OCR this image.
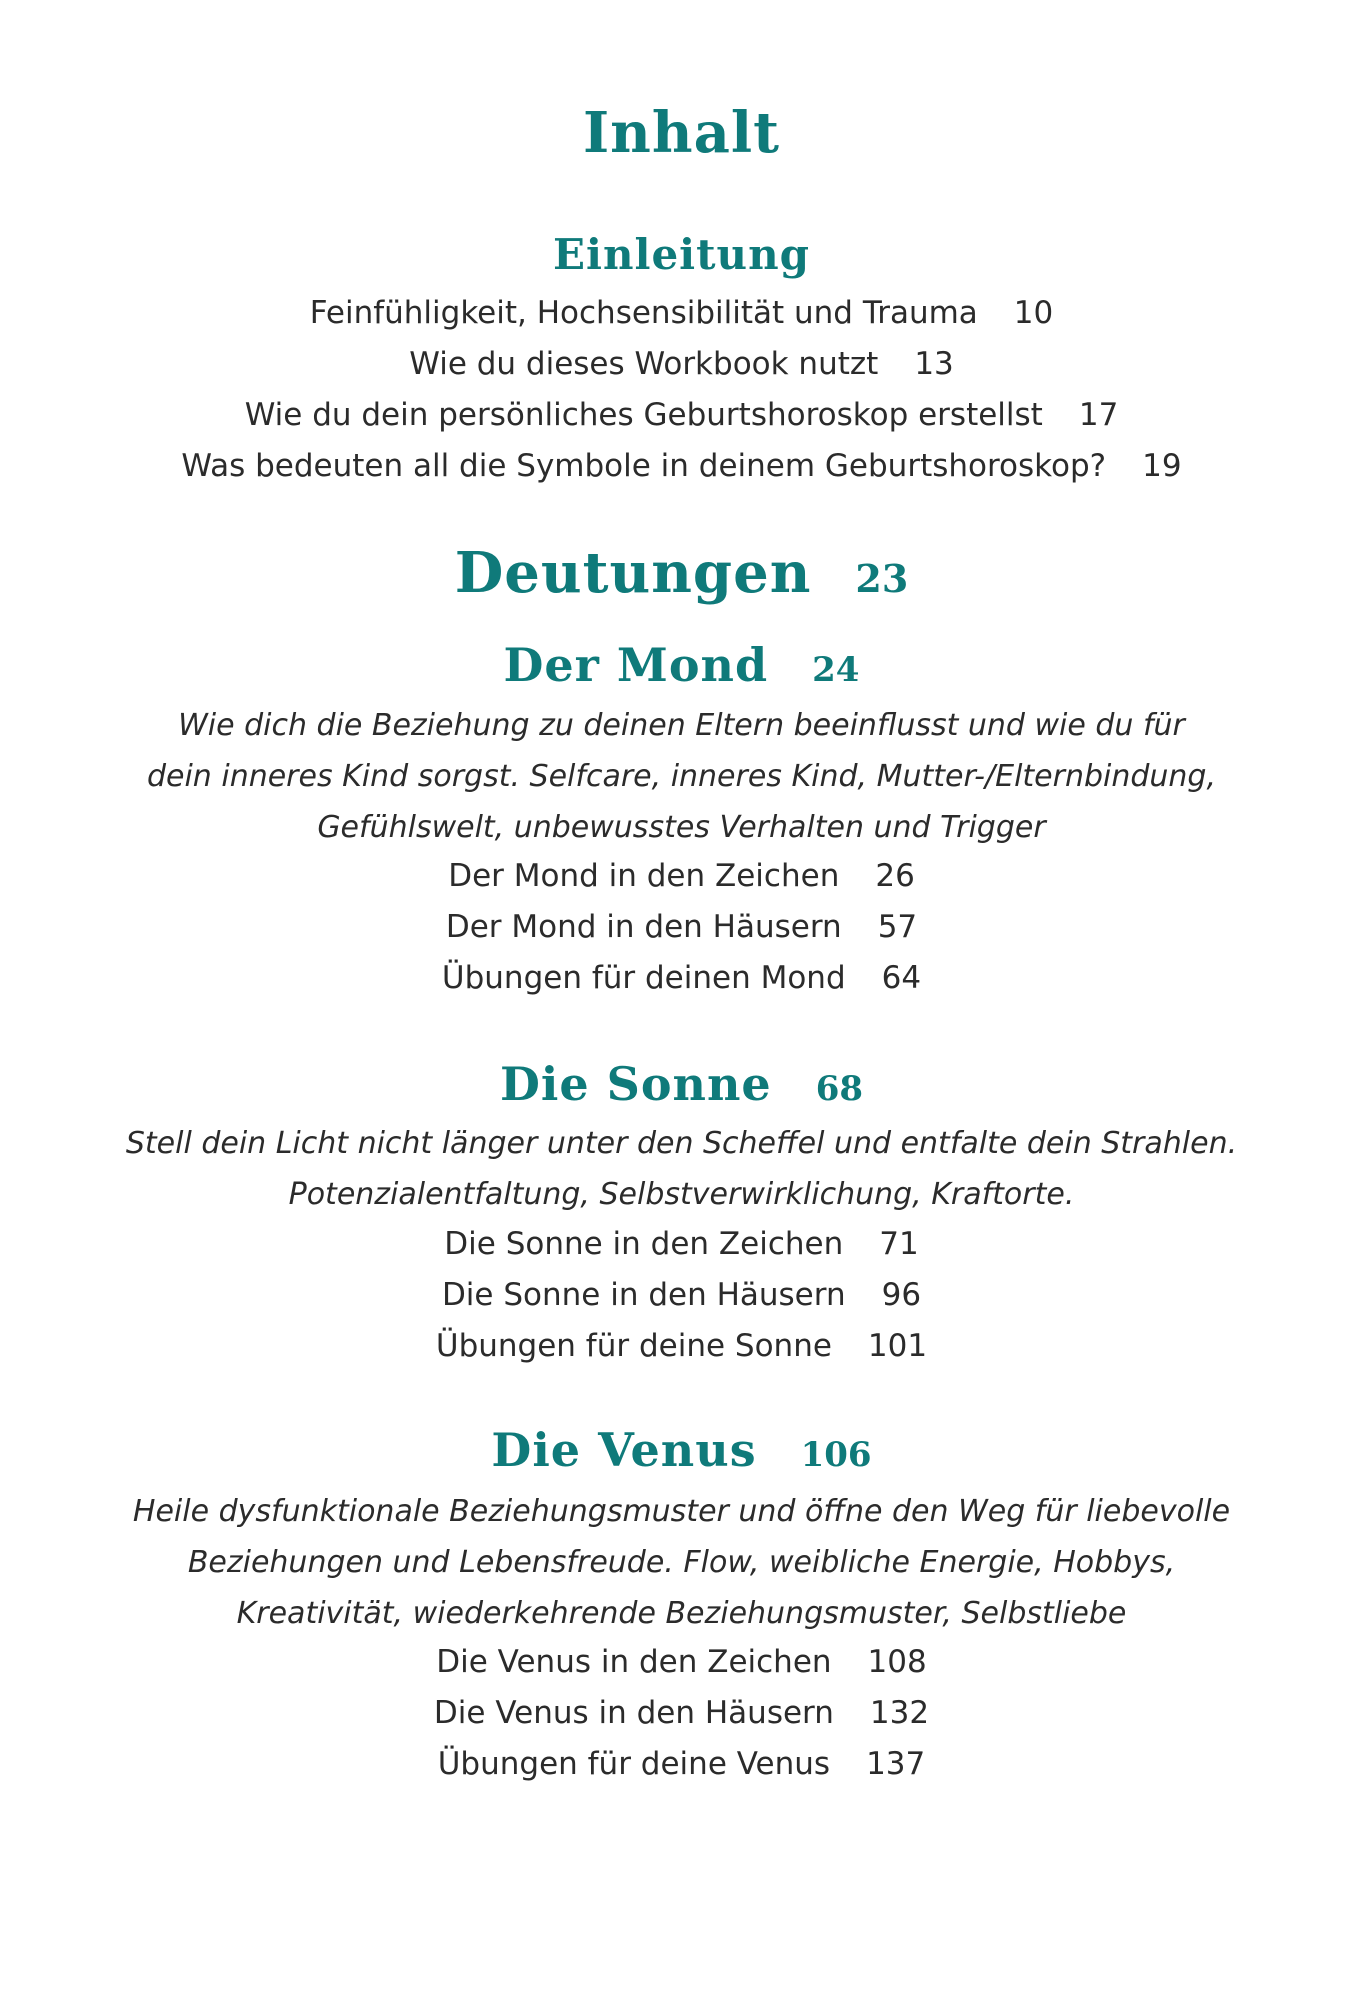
Inhalt
Einleitung
Feinfühligkeit, Hochsensibilität und Trauma 10
Wie du dieses Workbook nutzt 13
Wie du dein persönliches Geburtshoroskop erstellst 17
Was bedeuten all die Symbole in deinem Geburtshoroskop? 19
Deutungen 23
Der Mond 24
Wie dich die Beziehung zu deinen Eltern beeinflusst und wie du für
dein inneres Kind sorgst. Selfcare, inneres Kind, Mutter-/Elternbindung,
Gefühlswelt, unbewusstes Verhalten und Trigger
Der Mond in den Zeichen 26
Der Mond in den Häusern 57
Übungen für deinen Mond 64
Die Sonne 68
Stell dein Licht nicht länger unter den Scheffel und entfalte dein Strahlen.
Potenzialentfaltung, Selbstverwirklichung, Kraftorte.
Die Sonne in den Zeichen 71
Die Sonne in den Häusern 96
Übungen für deine Sonne 101
Die Venus 106
Heile dysfunktionale Beziehungsmuster und öffne den Weg für liebevolle
Beziehungen und Lebensfreude. Flow, weibliche Energie, Hobbys,
Kreativität, wiederkehrende Beziehungsmuster, Selbstliebe
Die Venus in den Zeichen 108
Die Venus in den Häusern 132
Übungen für deine Venus 137
